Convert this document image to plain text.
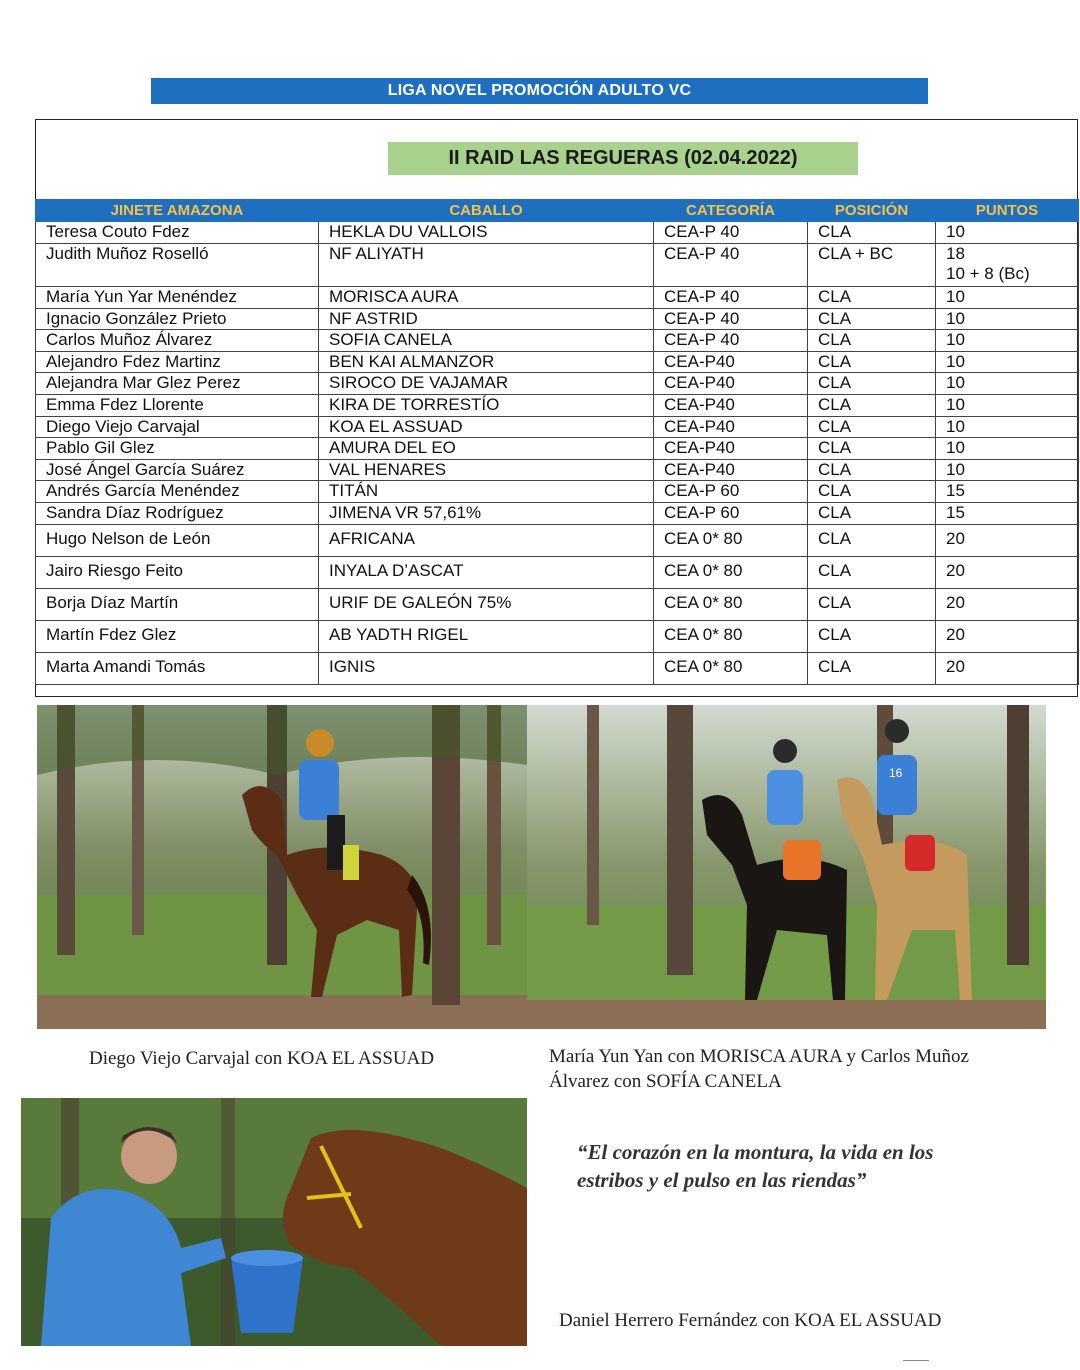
LIGA NOVEL PROMOCIÓN ADULTO VC
II RAID LAS REGUERAS (02.04.2022)
JINETE AMAZONA	CABALLO	CATEGORÍA	POSICIÓN	PUNTOS
Teresa Couto Fdez	HEKLA DU VALLOIS	CEA-P 40	CLA	10
Judith Muñoz Roselló	NF ALIYATH	CEA-P 40	CLA + BC	18
10 + 8 (Bc)

María Yun Yar Menéndez	MORISCA AURA	CEA-P 40	CLA	10
Ignacio González Prieto	NF ASTRID	CEA-P 40	CLA	10
Carlos Muñoz Álvarez	SOFIA CANELA	CEA-P 40	CLA	10
Alejandro Fdez Martinz	BEN KAI ALMANZOR	CEA-P40	CLA	10
Alejandra Mar Glez Perez	SIROCO DE VAJAMAR	CEA-P40	CLA	10
Emma Fdez Llorente	KIRA DE TORRESTÍO	CEA-P40	CLA	10
Diego Viejo Carvajal	KOA EL ASSUAD	CEA-P40	CLA	10
Pablo Gil Glez	AMURA DEL EO	CEA-P40	CLA	10
José Ángel García Suárez	VAL HENARES	CEA-P40	CLA	10
Andrés García Menéndez	TITÁN	CEA-P 60	CLA	15
Sandra Díaz Rodríguez	JIMENA VR 57,61%	CEA-P 60	CLA	15
Hugo Nelson de León	AFRICANA	CEA 0* 80	CLA	20
Jairo Riesgo Feito	INYALA D’ASCAT	CEA 0* 80	CLA	20
Borja Díaz Martín	URIF DE GALEÓN 75%	CEA 0* 80	CLA	20
Martín Fdez Glez	AB YADTH RIGEL	CEA 0* 80	CLA	20
Marta Amandi Tomás	IGNIS	CEA 0* 80	CLA	20
16
Diego Viejo Carvajal con KOA EL ASSUAD	María Yun Yan con MORISCA AURA y Carlos Muñoz Álvarez con SOFÍA CANELA
“El corazón en la montura, la vida en los estribos y el pulso en las riendas”
Daniel Herrero Fernández con KOA EL ASSUAD
